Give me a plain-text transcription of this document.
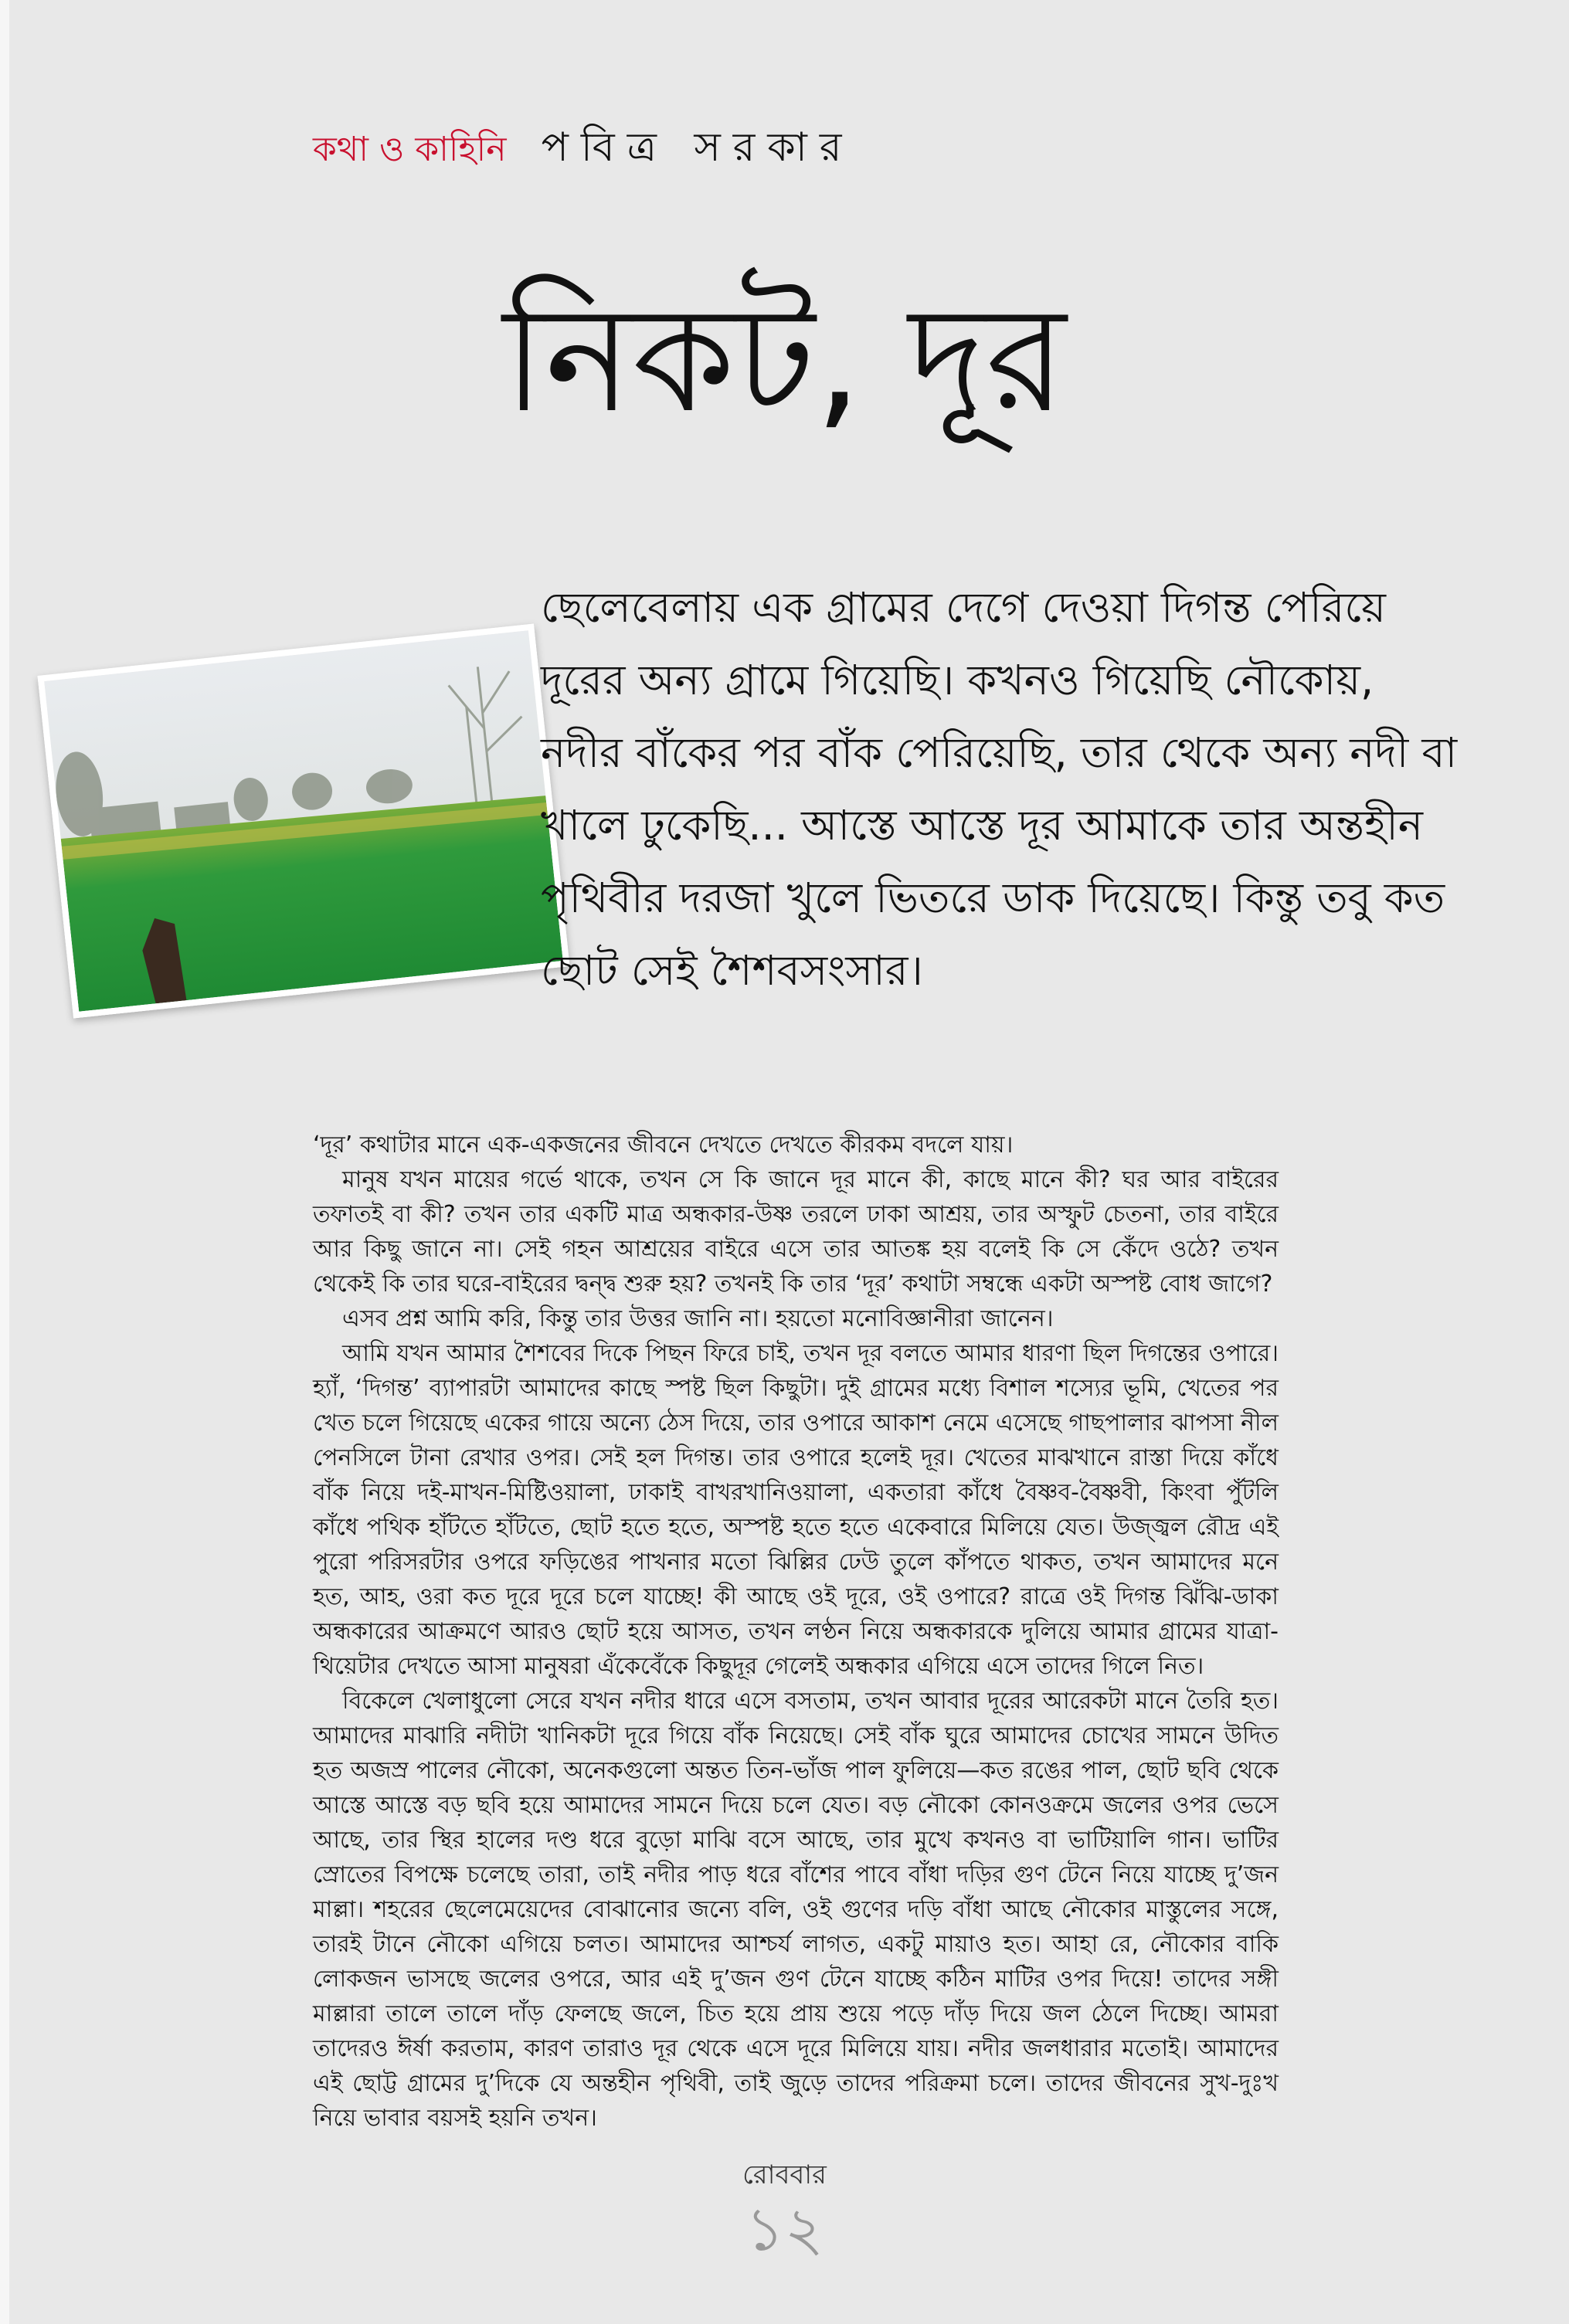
কথা ও কাহিনি পবিত্র সরকার
নিকট, দূর
ছেলেবেলায় এক গ্রামের দেগে দেওয়া দিগন্ত পেরিয়ে দূরের অন্য গ্রামে গিয়েছি। কখনও গিয়েছি নৌকোয়, নদীর বাঁকের পর বাঁক পেরিয়েছি, তার থেকে অন্য নদী বা খালে ঢুকেছি... আস্তে আস্তে দূর আমাকে তার অন্তহীন পৃথিবীর দরজা খুলে ভিতরে ডাক দিয়েছে। কিন্তু তবু কত ছোট সেই শৈশবসংসার।

‘দূর’ কথাটার মানে এক-একজনের জীবনে দেখতে দেখতে কীরকম বদলে যায়।

মানুষ যখন মায়ের গর্ভে থাকে, তখন সে কি জানে দূর মানে কী, কাছে মানে কী? ঘর আর বাইরের তফাতই বা কী? তখন তার একটি মাত্র অন্ধকার-উষ্ণ তরলে ঢাকা আশ্রয়, তার অস্ফুট চেতনা, তার বাইরে আর কিছু জানে না। সেই গহন আশ্রয়ের বাইরে এসে তার আতঙ্ক হয় বলেই কি সে কেঁদে ওঠে? তখন থেকেই কি তার ঘরে-বাইরের দ্বন্দ্ব শুরু হয়? তখনই কি তার ‘দূর’ কথাটা সম্বন্ধে একটা অস্পষ্ট বোধ জাগে?

এসব প্রশ্ন আমি করি, কিন্তু তার উত্তর জানি না। হয়তো মনোবিজ্ঞানীরা জানেন।

আমি যখন আমার শৈশবের দিকে পিছন ফিরে চাই, তখন দূর বলতে আমার ধারণা ছিল দিগন্তের ওপারে। হ্যাঁ, ‘দিগন্ত’ ব্যাপারটা আমাদের কাছে স্পষ্ট ছিল কিছুটা। দুই গ্রামের মধ্যে বিশাল শস্যের ভূমি, খেতের পর খেত চলে গিয়েছে একের গায়ে অন্যে ঠেস দিয়ে, তার ওপারে আকাশ নেমে এসেছে গাছপালার ঝাপসা নীল পেনসিলে টানা রেখার ওপর। সেই হল দিগন্ত। তার ওপারে হলেই দূর। খেতের মাঝখানে রাস্তা দিয়ে কাঁধে বাঁক নিয়ে দই-মাখন-মিষ্টিওয়ালা, ঢাকাই বাখরখানিওয়ালা, একতারা কাঁধে বৈষ্ণব-বৈষ্ণবী, কিংবা পুঁটলি কাঁধে পথিক হাঁটতে হাঁটতে, ছোট হতে হতে, অস্পষ্ট হতে হতে একেবারে মিলিয়ে যেত। উজ্জ্বল রৌদ্র এই পুরো পরিসরটার ওপরে ফড়িঙের পাখনার মতো ঝিল্লির ঢেউ তুলে কাঁপতে থাকত, তখন আমাদের মনে হত, আহ, ওরা কত দূরে দূরে চলে যাচ্ছে! কী আছে ওই দূরে, ওই ওপারে? রাত্রে ওই দিগন্ত ঝিঁঝি-ডাকা অন্ধকারের আক্রমণে আরও ছোট হয়ে আসত, তখন লণ্ঠন নিয়ে অন্ধকারকে দুলিয়ে আমার গ্রামের যাত্রা-থিয়েটার দেখতে আসা মানুষরা এঁকেবেঁকে কিছুদূর গেলেই অন্ধকার এগিয়ে এসে তাদের গিলে নিত।

বিকেলে খেলাধুলো সেরে যখন নদীর ধারে এসে বসতাম, তখন আবার দূরের আরেকটা মানে তৈরি হত। আমাদের মাঝারি নদীটা খানিকটা দূরে গিয়ে বাঁক নিয়েছে। সেই বাঁক ঘুরে আমাদের চোখের সামনে উদিত হত অজস্র পালের নৌকো, অনেকগুলো অন্তত তিন-ভাঁজ পাল ফুলিয়ে—কত রঙের পাল, ছোট ছবি থেকে আস্তে আস্তে বড় ছবি হয়ে আমাদের সামনে দিয়ে চলে যেত। বড় নৌকো কোনওক্রমে জলের ওপর ভেসে আছে, তার স্থির হালের দণ্ড ধরে বুড়ো মাঝি বসে আছে, তার মুখে কখনও বা ভাটিয়ালি গান। ভাটির স্রোতের বিপক্ষে চলেছে তারা, তাই নদীর পাড় ধরে বাঁশের পাবে বাঁধা দড়ির গুণ টেনে নিয়ে যাচ্ছে দু’জন মাল্লা। শহরের ছেলেমেয়েদের বোঝানোর জন্যে বলি, ওই গুণের দড়ি বাঁধা আছে নৌকোর মাস্তুলের সঙ্গে, তারই টানে নৌকো এগিয়ে চলত। আমাদের আশ্চর্য লাগত, একটু মায়াও হত। আহা রে, নৌকোর বাকি লোকজন ভাসছে জলের ওপরে, আর এই দু’জন গুণ টেনে যাচ্ছে কঠিন মাটির ওপর দিয়ে! তাদের সঙ্গী মাল্লারা তালে তালে দাঁড় ফেলছে জলে, চিত হয়ে প্রায় শুয়ে পড়ে দাঁড় দিয়ে জল ঠেলে দিচ্ছে। আমরা তাদেরও ঈর্ষা করতাম, কারণ তারাও দূর থেকে এসে দূরে মিলিয়ে যায়। নদীর জলধারার মতোই। আমাদের এই ছোট্ট গ্রামের দু’দিকে যে অন্তহীন পৃথিবী, তাই জুড়ে তাদের পরিক্রমা চলে। তাদের জীবনের সুখ-দুঃখ নিয়ে ভাবার বয়সই হয়নি তখন।

রোববার
১২
